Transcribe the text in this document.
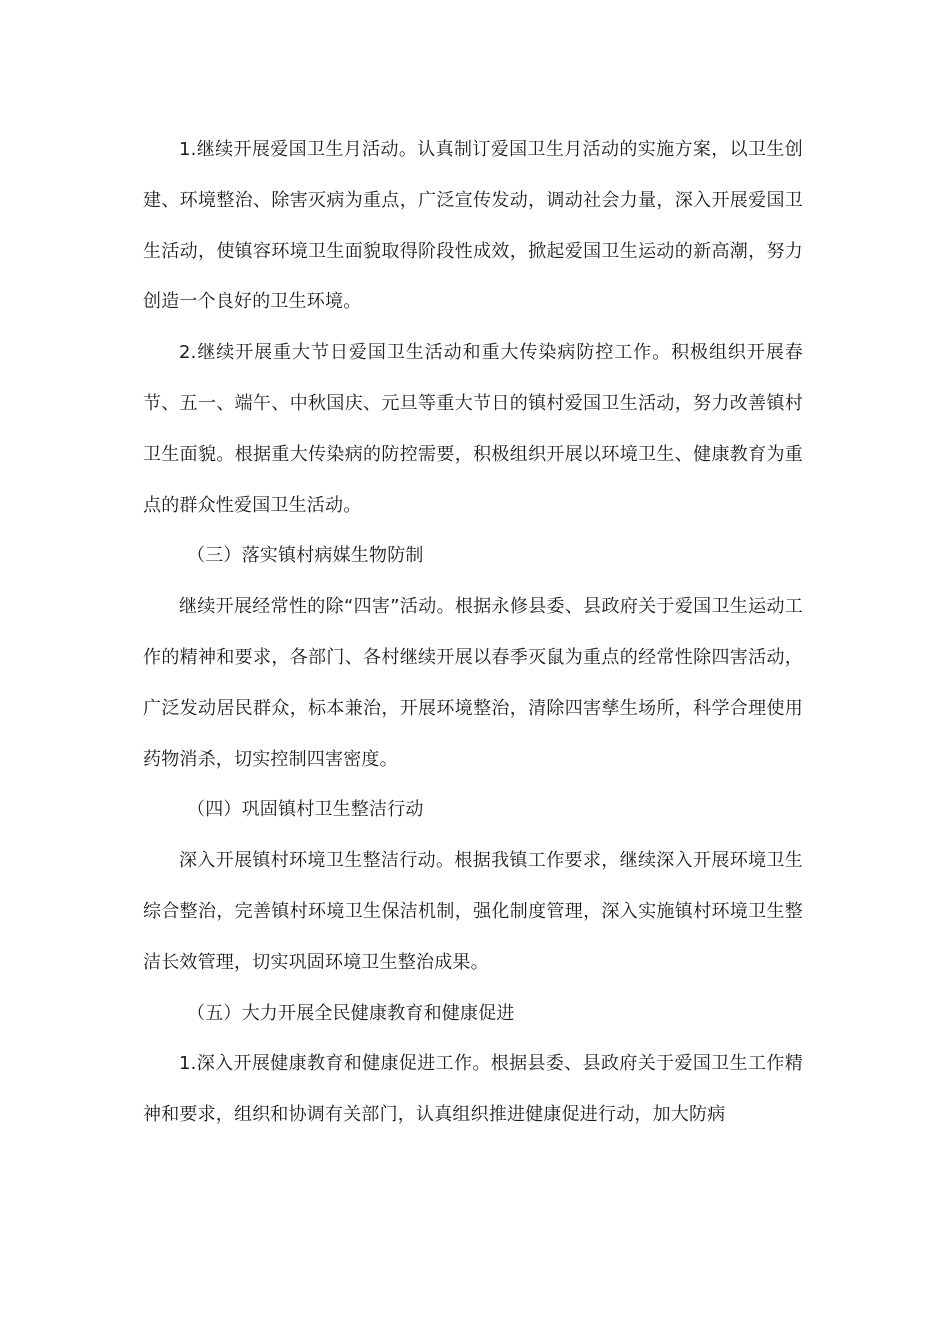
1.继续开展爱国卫生月活动。认真制订爱国卫生月活动的实施方案，以卫生创建、环境整治、除害灭病为重点，广泛宣传发动，调动社会力量，深入开展爱国卫生活动，使镇容环境卫生面貌取得阶段性成效，掀起爱国卫生运动的新高潮，努力创造一个良好的卫生环境。

2.继续开展重大节日爱国卫生活动和重大传染病防控工作。积极组织开展春节、五一、端午、中秋国庆、元旦等重大节日的镇村爱国卫生活动，努力改善镇村卫生面貌。根据重大传染病的防控需要，积极组织开展以环境卫生、健康教育为重点的群众性爱国卫生活动。

（三）落实镇村病媒生物防制

继续开展经常性的除“四害”活动。根据永修县委、县政府关于爱国卫生运动工作的精神和要求，各部门、各村继续开展以春季灭鼠为重点的经常性除四害活动，广泛发动居民群众，标本兼治，开展环境整治，清除四害孳生场所，科学合理使用药物消杀，切实控制四害密度。

（四）巩固镇村卫生整洁行动

深入开展镇村环境卫生整洁行动。根据我镇工作要求，继续深入开展环境卫生综合整治，完善镇村环境卫生保洁机制，强化制度管理，深入实施镇村环境卫生整洁长效管理，切实巩固环境卫生整治成果。

（五）大力开展全民健康教育和健康促进

1.深入开展健康教育和健康促进工作。根据县委、县政府关于爱国卫生工作精神和要求，组织和协调有关部门，认真组织推进健康促进行动，加大防病
